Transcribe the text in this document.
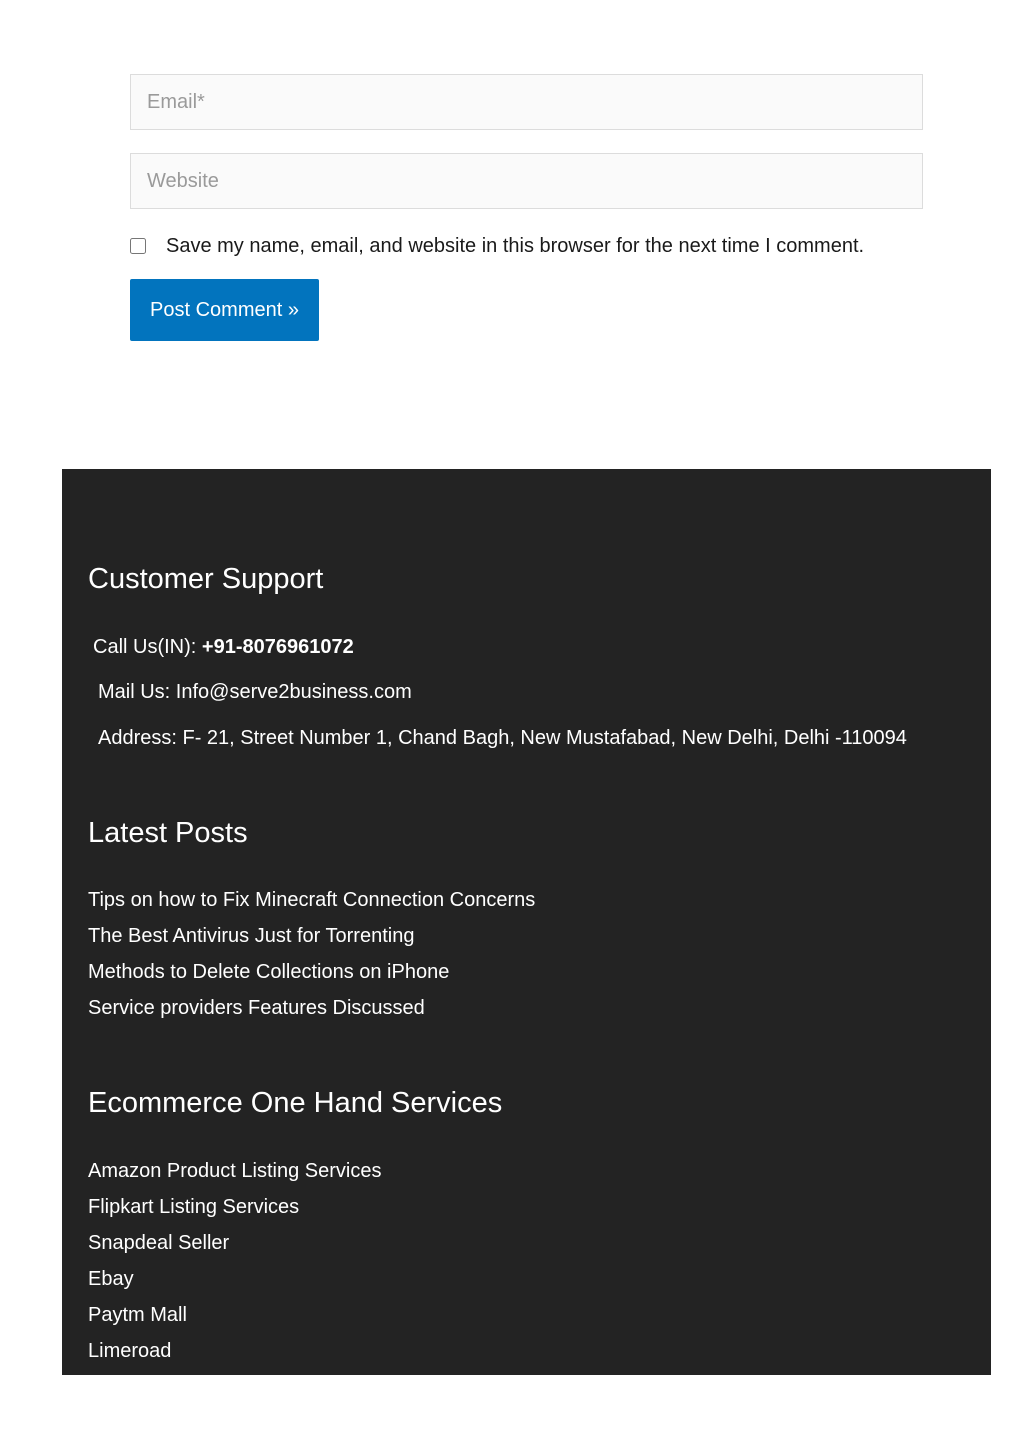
Email*
Website
Save my name, email, and website in this browser for the next time I comment.
Post Comment »
Customer Support
Call Us(IN): +91-8076961072
Mail Us: Info@serve2business.com
Address: F- 21, Street Number 1, Chand Bagh, New Mustafabad, New Delhi, Delhi -110094
Latest Posts
Tips on how to Fix Minecraft Connection Concerns
The Best Antivirus Just for Torrenting
Methods to Delete Collections on iPhone
Service providers Features Discussed
Ecommerce One Hand Services
Amazon Product Listing Services
Flipkart Listing Services
Snapdeal Seller
Ebay
Paytm Mall
Limeroad
